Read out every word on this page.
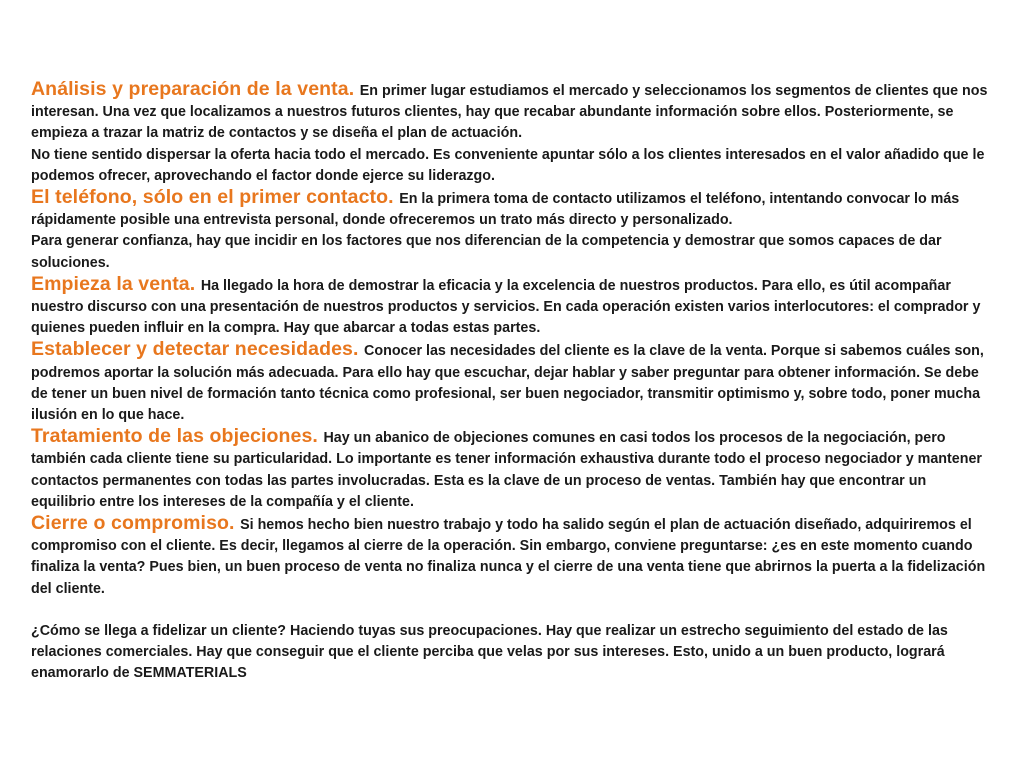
Análisis y preparación de la venta. En primer lugar estudiamos el mercado y seleccionamos los segmentos de clientes que nos interesan. Una vez que localizamos a nuestros futuros clientes, hay que recabar abundante información sobre ellos. Posteriormente, se empieza a trazar la matriz de contactos y se diseña el plan de actuación.

No tiene sentido dispersar la oferta hacia todo el mercado. Es conveniente apuntar sólo a los clientes interesados en el valor añadido que le podemos ofrecer, aprovechando el factor donde ejerce su liderazgo.

El teléfono, sólo en el primer contacto. En la primera toma de contacto utilizamos el teléfono, intentando convocar lo más rápidamente posible una entrevista personal, donde ofreceremos un trato más directo y personalizado.

Para generar confianza, hay que incidir en los factores que nos diferencian de la competencia y demostrar que somos capaces de dar soluciones.

Empieza la venta. Ha llegado la hora de demostrar la eficacia y la excelencia de nuestros productos. Para ello, es útil acompañar nuestro discurso con una presentación de nuestros productos y servicios. En cada operación existen varios interlocutores: el comprador y quienes pueden influir en la compra. Hay que abarcar a todas estas partes.

Establecer y detectar necesidades. Conocer las necesidades del cliente es la clave de la venta. Porque si sabemos cuáles son, podremos aportar la solución más adecuada. Para ello hay que escuchar, dejar hablar y saber preguntar para obtener información. Se debe de tener un buen nivel de formación tanto técnica como profesional, ser buen negociador, transmitir optimismo y, sobre todo, poner mucha ilusión en lo que hace.

Tratamiento de las objeciones. Hay un abanico de objeciones comunes en casi todos los procesos de la negociación, pero también cada cliente tiene su particularidad. Lo importante es tener información exhaustiva durante todo el proceso negociador y mantener contactos permanentes con todas las partes involucradas. Esta es la clave de un proceso de ventas. También hay que encontrar un equilibrio entre los intereses de la compañía y el cliente.

Cierre o compromiso. Si hemos hecho bien nuestro trabajo y todo ha salido según el plan de actuación diseñado, adquiriremos el compromiso con el cliente. Es decir, llegamos al cierre de la operación. Sin embargo, conviene preguntarse: ¿es en este momento cuando finaliza la venta? Pues bien, un buen proceso de venta no finaliza nunca y el cierre de una venta tiene que abrirnos la puerta a la fidelización del cliente.

¿Cómo se llega a fidelizar un cliente? Haciendo tuyas sus preocupaciones. Hay que realizar un estrecho seguimiento del estado de las relaciones comerciales. Hay que conseguir que el cliente perciba que velas por sus intereses. Esto, unido a un buen producto, logrará enamorarlo de SEMMATERIALS
